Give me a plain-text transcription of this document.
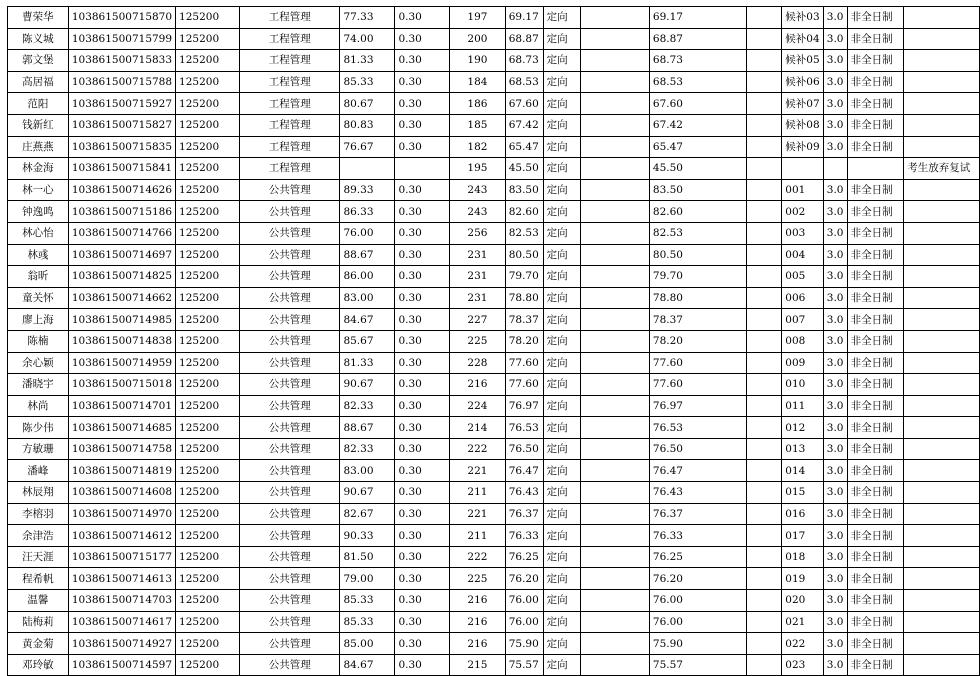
曹荣华	103861500715870	125200	工程管理	77.33	0.30	197	69.17	定向		69.17		候补03	3.0	非全日制	
陈义城	103861500715799	125200	工程管理	74.00	0.30	200	68.87	定向		68.87		候补04	3.0	非全日制	
郭文堡	103861500715833	125200	工程管理	81.33	0.30	190	68.73	定向		68.73		候补05	3.0	非全日制	
高居福	103861500715788	125200	工程管理	85.33	0.30	184	68.53	定向		68.53		候补06	3.0	非全日制	
范阳	103861500715927	125200	工程管理	80.67	0.30	186	67.60	定向		67.60		候补07	3.0	非全日制	
钱新红	103861500715827	125200	工程管理	80.83	0.30	185	67.42	定向		67.42		候补08	3.0	非全日制	
庄燕燕	103861500715835	125200	工程管理	76.67	0.30	182	65.47	定向		65.47		候补09	3.0	非全日制	
林金海	103861500715841	125200	工程管理			195	45.50	定向		45.50					考生放弃复试
林一心	103861500714626	125200	公共管理	89.33	0.30	243	83.50	定向		83.50		001	3.0	非全日制	
钟逸鸣	103861500715186	125200	公共管理	86.33	0.30	243	82.60	定向		82.60		002	3.0	非全日制	
林心怡	103861500714766	125200	公共管理	76.00	0.30	256	82.53	定向		82.53		003	3.0	非全日制	
林彧	103861500714697	125200	公共管理	88.67	0.30	231	80.50	定向		80.50		004	3.0	非全日制	
翁昕	103861500714825	125200	公共管理	86.00	0.30	231	79.70	定向		79.70		005	3.0	非全日制	
童关怀	103861500714662	125200	公共管理	83.00	0.30	231	78.80	定向		78.80		006	3.0	非全日制	
廖上海	103861500714985	125200	公共管理	84.67	0.30	227	78.37	定向		78.37		007	3.0	非全日制	
陈楠	103861500714838	125200	公共管理	85.67	0.30	225	78.20	定向		78.20		008	3.0	非全日制	
余心颖	103861500714959	125200	公共管理	81.33	0.30	228	77.60	定向		77.60		009	3.0	非全日制	
潘晓宇	103861500715018	125200	公共管理	90.67	0.30	216	77.60	定向		77.60		010	3.0	非全日制	
林尚	103861500714701	125200	公共管理	82.33	0.30	224	76.97	定向		76.97		011	3.0	非全日制	
陈少伟	103861500714685	125200	公共管理	88.67	0.30	214	76.53	定向		76.53		012	3.0	非全日制	
方敏珊	103861500714758	125200	公共管理	82.33	0.30	222	76.50	定向		76.50		013	3.0	非全日制	
潘峰	103861500714819	125200	公共管理	83.00	0.30	221	76.47	定向		76.47		014	3.0	非全日制	
林辰翔	103861500714608	125200	公共管理	90.67	0.30	211	76.43	定向		76.43		015	3.0	非全日制	
李榕羽	103861500714970	125200	公共管理	82.67	0.30	221	76.37	定向		76.37		016	3.0	非全日制	
余津浩	103861500714612	125200	公共管理	90.33	0.30	211	76.33	定向		76.33		017	3.0	非全日制	
汪天涯	103861500715177	125200	公共管理	81.50	0.30	222	76.25	定向		76.25		018	3.0	非全日制	
程希帆	103861500714613	125200	公共管理	79.00	0.30	225	76.20	定向		76.20		019	3.0	非全日制	
温馨	103861500714703	125200	公共管理	85.33	0.30	216	76.00	定向		76.00		020	3.0	非全日制	
陆梅莉	103861500714617	125200	公共管理	85.33	0.30	216	76.00	定向		76.00		021	3.0	非全日制	
黄金菊	103861500714927	125200	公共管理	85.00	0.30	216	75.90	定向		75.90		022	3.0	非全日制	
邓玲敏	103861500714597	125200	公共管理	84.67	0.30	215	75.57	定向		75.57		023	3.0	非全日制	
